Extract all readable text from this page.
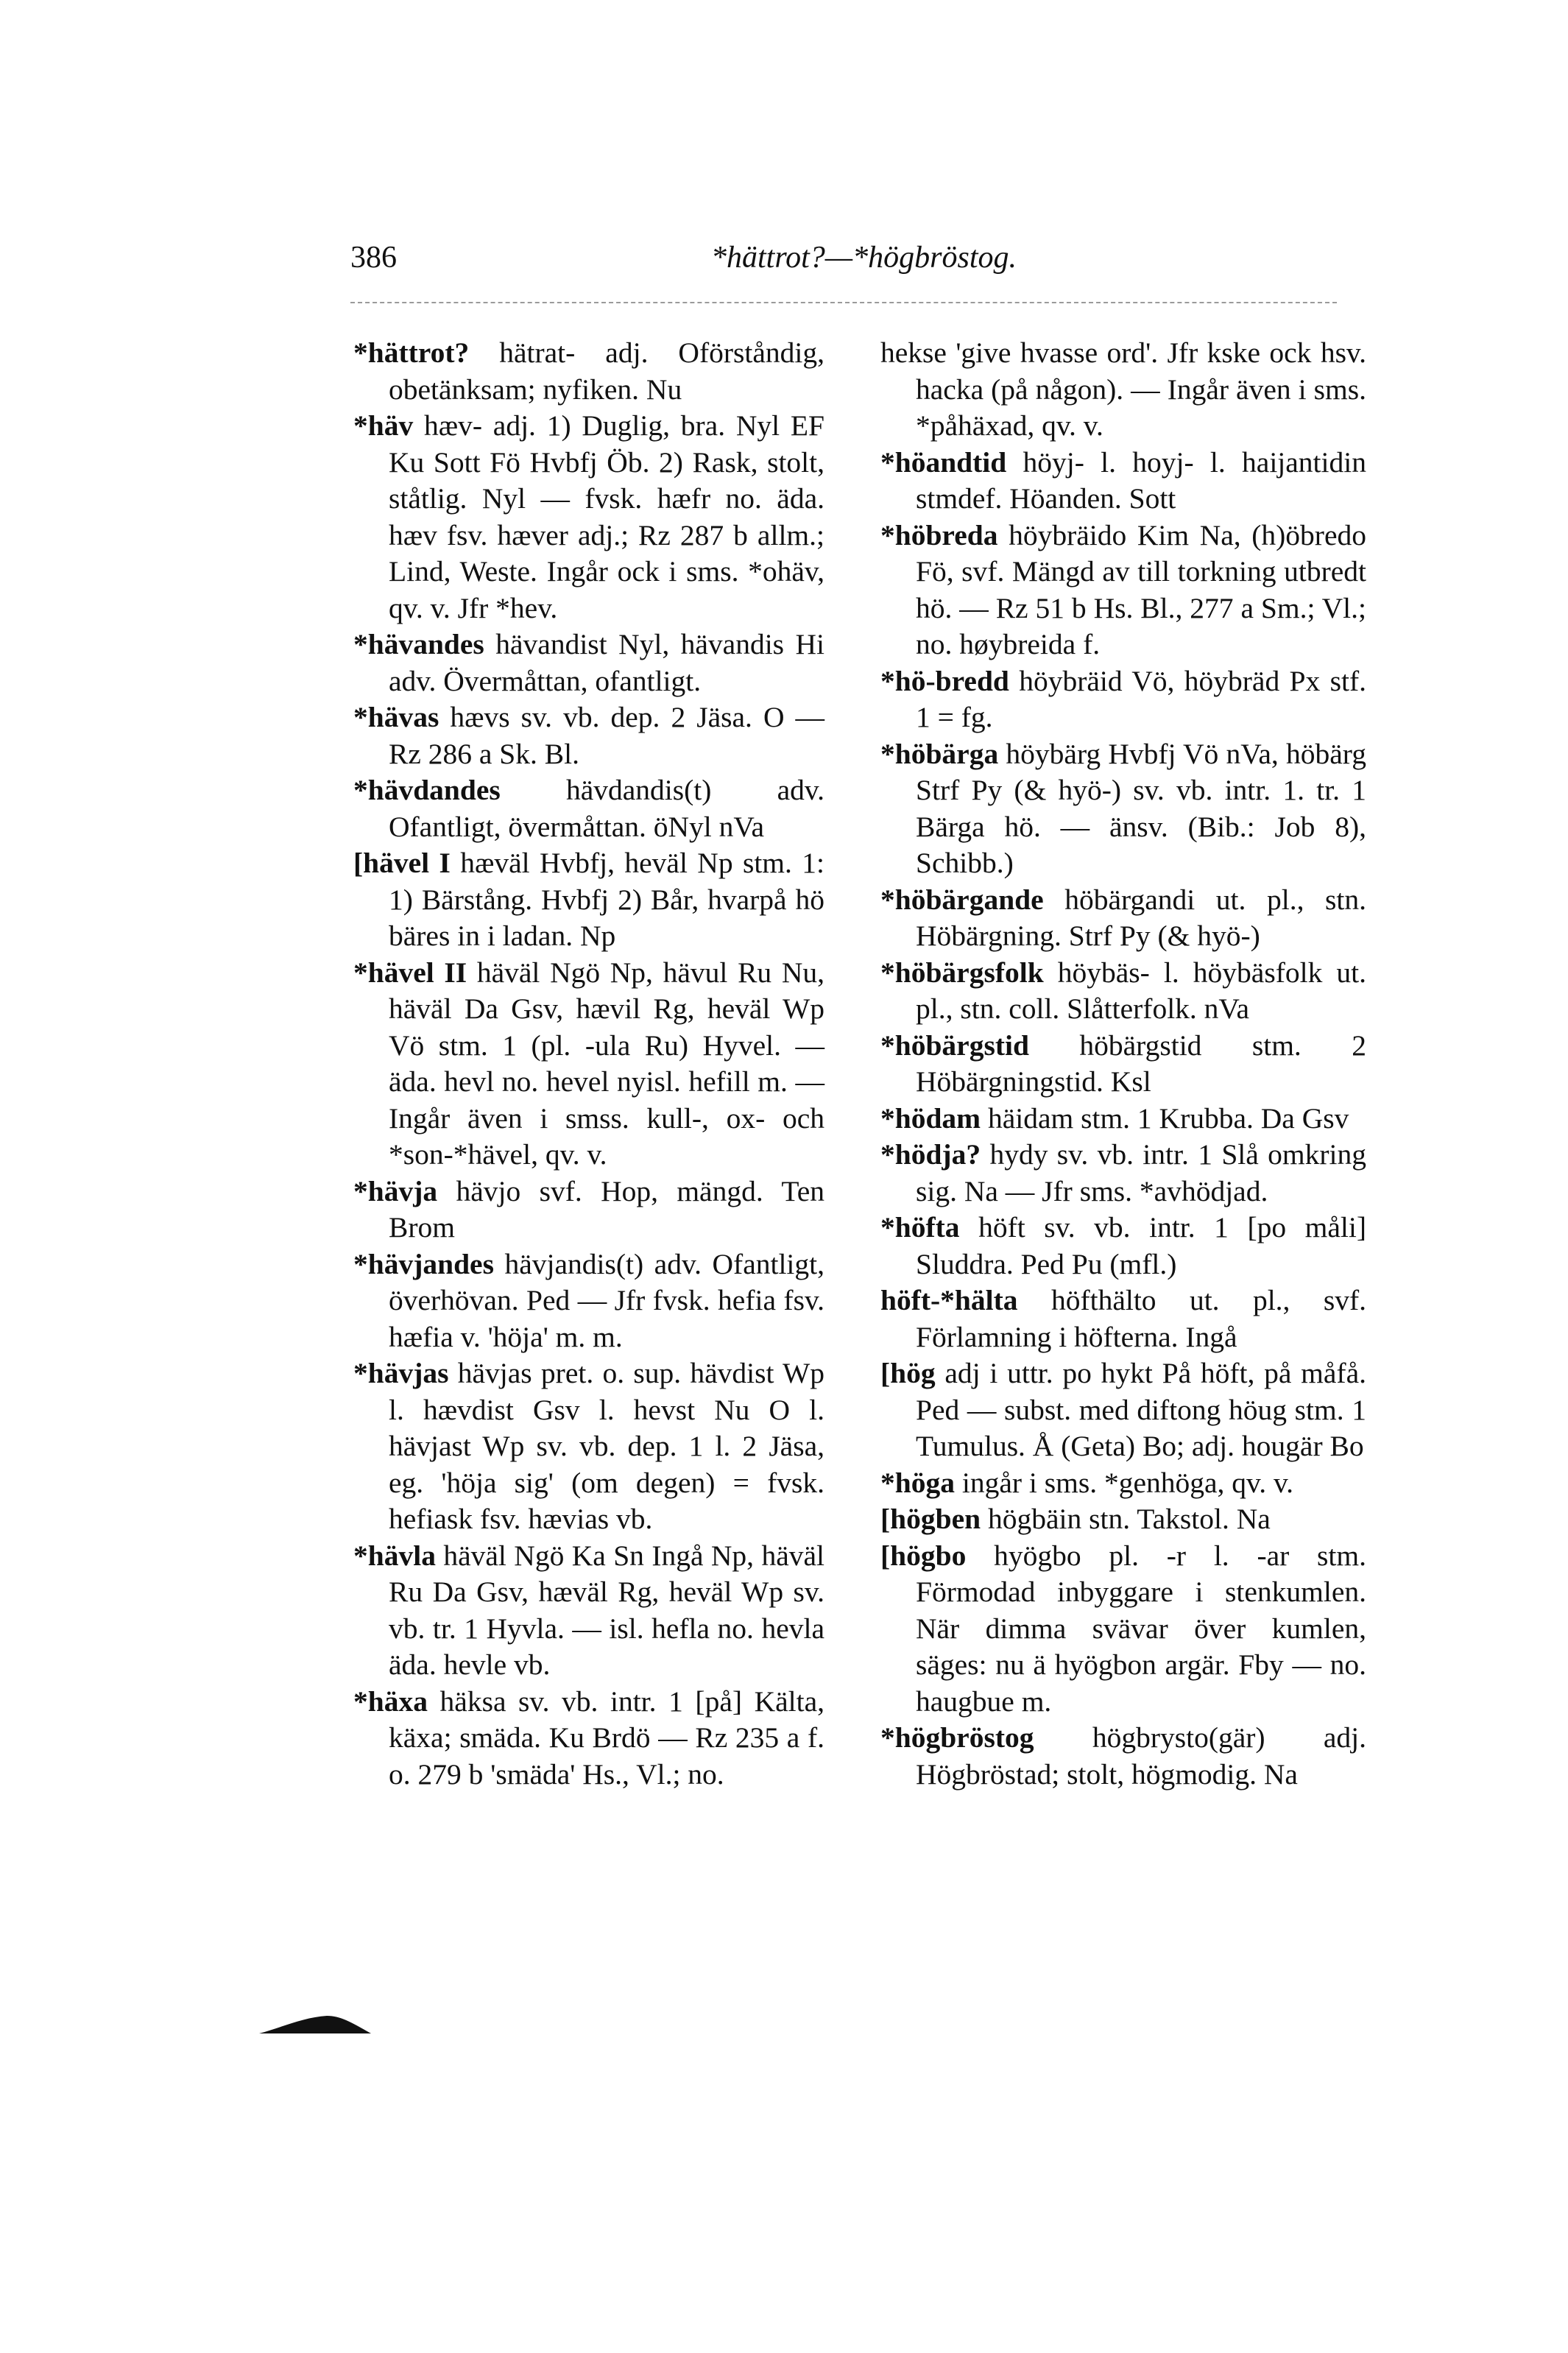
386	*hättrot?—*högbröstog.

*hättrot? hätrat- adj. Oförståndig, obetänksam; nyfiken. Nu

*häv hæv- adj. 1) Duglig, bra. Nyl EF Ku Sott Fö Hvbfj Öb. 2) Rask, stolt, ståtlig. Nyl — fvsk. hæfr no. äda. hæv fsv. hæver adj.; Rz 287 b allm.; Lind, Weste. Ingår ock i sms. *ohäv, qv. v. Jfr *hev.

*hävandes hävandist Nyl, hävandis Hi adv. Övermåttan, ofantligt.

*hävas hævs sv. vb. dep. 2 Jäsa. O — Rz 286 a Sk. Bl.

*hävdandes hävdandis(t) adv. Ofantligt, övermåttan. öNyl nVa

[hävel I hæväl Hvbfj, heväl Np stm. 1: 1) Bärstång. Hvbfj 2) Bår, hvarpå hö bäres in i ladan. Np

*hävel II häväl Ngö Np, hävul Ru Nu, häväl Da Gsv, hævil Rg, heväl Wp Vö stm. 1 (pl. -ula Ru) Hyvel. — äda. hevl no. hevel nyisl. hefill m. — Ingår även i smss. kull-, ox- och *son-*hävel, qv. v.

*hävja hävjo svf. Hop, mängd. Ten Brom

*hävjandes hävjandis(t) adv. Ofantligt, överhövan. Ped — Jfr fvsk. hefia fsv. hæfia v. 'höja' m. m.

*hävjas hävjas pret. o. sup. hävdist Wp l. hævdist Gsv l. hevst Nu O l. hävjast Wp sv. vb. dep. 1 l. 2 Jäsa, eg. 'höja sig' (om degen) = fvsk. hefiask fsv. hævias vb.

*hävla häväl Ngö Ka Sn Ingå Np, häväl Ru Da Gsv, hæväl Rg, heväl Wp sv. vb. tr. 1 Hyvla. — isl. hefla no. hevla äda. hevle vb.

*häxa häksa sv. vb. intr. 1 [på] Kälta, käxa; smäda. Ku Brdö — Rz 235 a f. o. 279 b 'smäda' Hs., Vl.; no.

hekse 'give hvasse ord'. Jfr kske ock hsv. hacka (på någon). — Ingår även i sms. *påhäxad, qv. v.

*höandtid höyj- l. hoyj- l. haijantidin stmdef. Höanden. Sott

*höbreda höybräido Kim Na, (h)öbredo Fö, svf. Mängd av till torkning utbredt hö. — Rz 51 b Hs. Bl., 277 a Sm.; Vl.; no. høybreida f.

*hö-bredd höybräid Vö, höybräd Px stf. 1 = fg.

*höbärga höybärg Hvbfj Vö nVa, höbärg Strf Py (& hyö-) sv. vb. intr. 1. tr. 1 Bärga hö. — änsv. (Bib.: Job 8), Schibb.)

*höbärgande höbärgandi ut. pl., stn. Höbärgning. Strf Py (& hyö-)

*höbärgsfolk höybäs- l. höybäsfolk ut. pl., stn. coll. Slåtterfolk. nVa

*höbärgstid höbärgstid stm. 2 Höbärgningstid. Ksl

*hödam häidam stm. 1 Krubba. Da Gsv

*hödja? hydy sv. vb. intr. 1 Slå omkring sig. Na — Jfr sms. *avhödjad.

*höfta höft sv. vb. intr. 1 [po måli] Sluddra. Ped Pu (mfl.)

höft-*hälta höfthälto ut. pl., svf. Förlamning i höfterna. Ingå

[hög adj i uttr. po hykt På höft, på måfå. Ped — subst. med diftong höug stm. 1 Tumulus. Å (Geta) Bo; adj. hougär Bo

*höga ingår i sms. *genhöga, qv. v.

[högben högbäin stn. Takstol. Na

[högbo hyögbo pl. -r l. -ar stm. Förmodad inbyggare i stenkumlen. När dimma svävar över kumlen, säges: nu ä hyögbon argär. Fby — no. haugbue m.

*högbröstog högbrysto(gär) adj. Högbröstad; stolt, högmodig. Na
